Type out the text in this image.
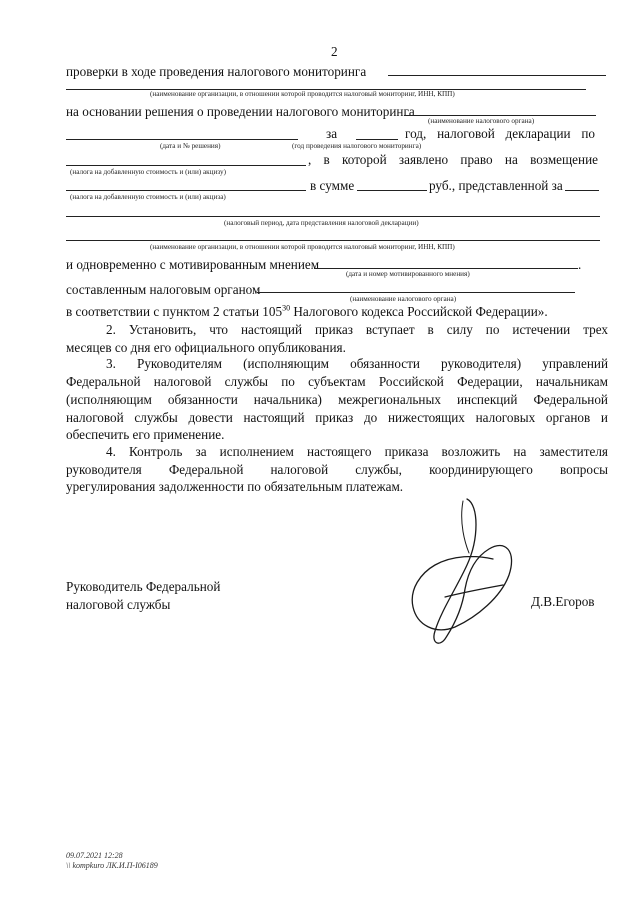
2
проверки в ходе проведения налогового мониторинга
(наименование организации, в отношении которой проводится налоговый мониторинг, ИНН, КПП)
на основании решения о проведении налогового мониторинга
(наименование налогового органа)
за	год, налоговой декларации по
(дата и № решения)	(год проведения налогового мониторинга)
, в которой заявлено право на возмещение
(налога на добавленную стоимость и (или) акцизу)
в сумме	руб., представленной за
(налога на добавленную стоимость и (или) акциза)
(налоговый период, дата представления налоговой декларации)
(наименование организации, в отношении которой проводится налоговый мониторинг, ИНН, КПП)
и одновременно с мотивированным мнением	.
(дата и номер мотивированного мнения)
составленным налоговым органом
(наименование налогового органа)
в соответствии с пунктом 2 статьи $105^{30}$ Налогового кодекса Российской Федерации».
2. Установить, что настоящий приказ вступает в силу по истечении трех
месяцев со дня его официального опубликования.
3. Руководителям (исполняющим обязанности руководителя) управлений
Федеральной налоговой службы по субъектам Российской Федерации, начальникам
(исполняющим обязанности начальника) межрегиональных инспекций Федеральной
налоговой службы довести настоящий приказ до нижестоящих налоговых органов и
обеспечить его применение.
4. Контроль за исполнением настоящего приказа возложить на заместителя
руководителя Федеральной налоговой службы, координирующего вопросы
урегулирования задолженности по обязательным платежам.
Руководитель Федеральной
налоговой службы	Д.В.Егоров
09.07.2021 12:28
\\ kompkuro ЛК.И.П-I06189
